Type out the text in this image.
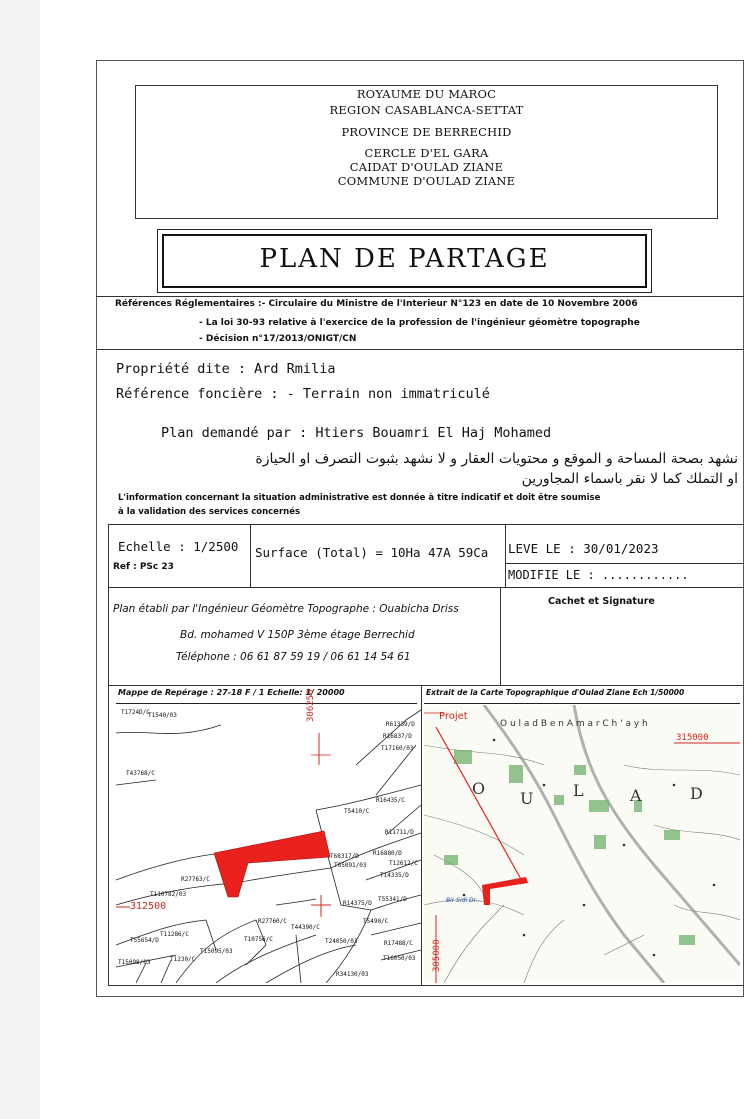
ROYAUME DU MAROC
REGION CASABLANCA-SETTAT
PROVINCE DE BERRECHID
CERCLE D'EL GARA
CAIDAT D'OULAD ZIANE
COMMUNE D'OULAD ZIANE
PLAN DE PARTAGE
Références Réglementaires :- Circulaire du Ministre de l'Interieur N°123 en date de 10 Novembre 2006
- La loi 30-93 relative à l'exercice de la profession de l'ingénieur géomètre topographe
- Décision n°17/2013/ONIGT/CN
Propriété dite : Ard Rmilia
Référence foncière : - Terrain non immatriculé
Plan demandé par : Htiers Bouamri El Haj Mohamed
نشهد بصحة المساحة و الموقع و محتويات العقار و لا نشهد بثبوت التصرف او الحيازة
او التملك كما لا نقر باسماء المجاورين
L'information concernant la situation administrative est donnée à titre indicatif et doit être soumise
à la validation des services concernés
Echelle : 1/2500
Ref : PSc 23
Surface (Total) = 10Ha 47A 59Ca LEVE LE : 30/01/2023
MODIFIE LE : ............
Plan établi par l'Ingénieur Géomètre Topographe : Ouabicha Driss
Bd. mohamed V 150P 3ème étage Berrechid
Téléphone : 06 61 87 59 19 / 06 61 14 54 61
Cachet et Signature
Mappe de Repérage : 27-18 F / 1 Echelle: 1/ 20000	Extrait de la Carte Topographique d'Oulad Ziane Ech 1/50000
306250
312500
T1724D/C
T1540/03
R61339/D
R16837/D
T17160/03
T43768/C
T5410/C
R16435/C
R11711/D
T68317/D R16880/D
T65091/03	T12612/C
T14335/D
R27763/C
T110782/03
R14375/D
T55341/D
T5490/C
T11286/C
R27760/C
T44390/C
T10756/C	T24050/03	R17488/C
T15095/03
T55654/D
T1230/C
R34130/03
T16050/03
T15098/03
Projet
315000
305000
O u l a d B e n A m a r C h ' a y h
O
U L	A	D
Bir Sidi Dr...
